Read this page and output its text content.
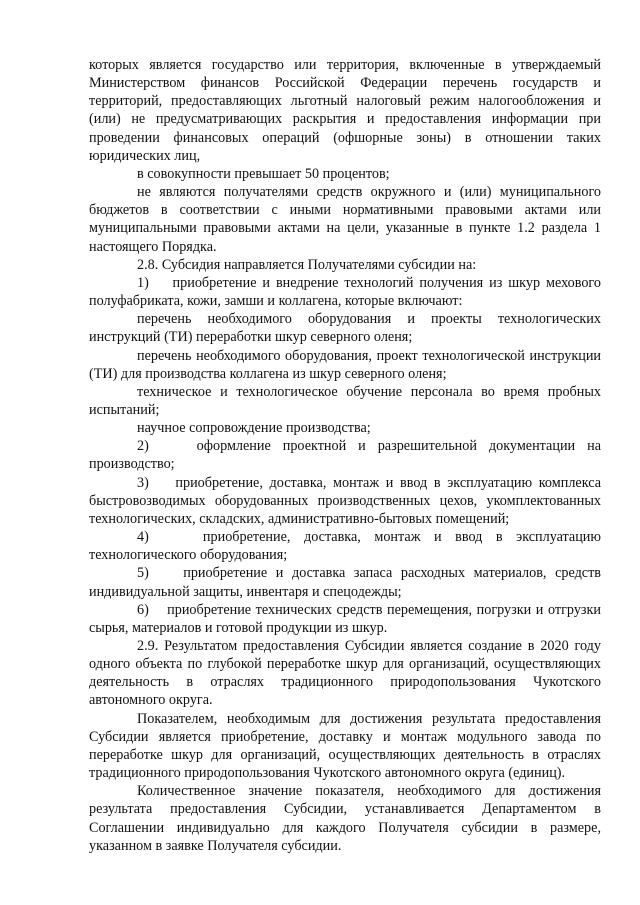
которых является государство или территория, включенные в утверждаемый Министерством финансов Российской Федерации перечень государств и территорий, предоставляющих льготный налоговый режим налогообложения и (или) не предусматривающих раскрытия и предоставления информации при проведении финансовых операций (офшорные зоны) в отношении таких юридических лиц,

в совокупности превышает 50 процентов;

не являются получателями средств окружного и (или) муниципального бюджетов в соответствии с иными нормативными правовыми актами или муниципальными правовыми актами на цели, указанные в пункте 1.2 раздела 1 настоящего Порядка.

2.8. Субсидия направляется Получателями субсидии на:

1)    приобретение и внедрение технологий получения из шкур мехового полуфабриката, кожи, замши и коллагена, которые включают:

перечень необходимого оборудования и проекты технологических инструкций (ТИ) переработки шкур северного оленя;

перечень необходимого оборудования, проект технологической инструкции (ТИ) для производства коллагена из шкур северного оленя;

техническое и технологическое обучение персонала во время пробных испытаний;

научное сопровождение производства;

2)    оформление проектной и разрешительной документации на производство;

3)    приобретение, доставка, монтаж и ввод в эксплуатацию комплекса быстровозводимых оборудованных производственных цехов, укомплектованных технологических, складских, административно-бытовых помещений;

4)    приобретение, доставка, монтаж и ввод в эксплуатацию технологического оборудования;

5)    приобретение и доставка запаса расходных материалов, средств индивидуальной защиты, инвентаря и спецодежды;

6)    приобретение технических средств перемещения, погрузки и отгрузки сырья, материалов и готовой продукции из шкур.

2.9. Результатом предоставления Субсидии является создание в 2020 году одного объекта по глубокой переработке шкур для организаций, осуществляющих деятельность в отраслях традиционного природопользования Чукотского автономного округа.

Показателем, необходимым для достижения результата предоставления Субсидии является приобретение, доставку и монтаж модульного завода по переработке шкур для организаций, осуществляющих деятельность в отраслях традиционного природопользования Чукотского автономного округа (единиц).

Количественное значение показателя, необходимого для достижения результата предоставления Субсидии, устанавливается Департаментом в Соглашении индивидуально для каждого Получателя субсидии в размере, указанном в заявке Получателя субсидии.
